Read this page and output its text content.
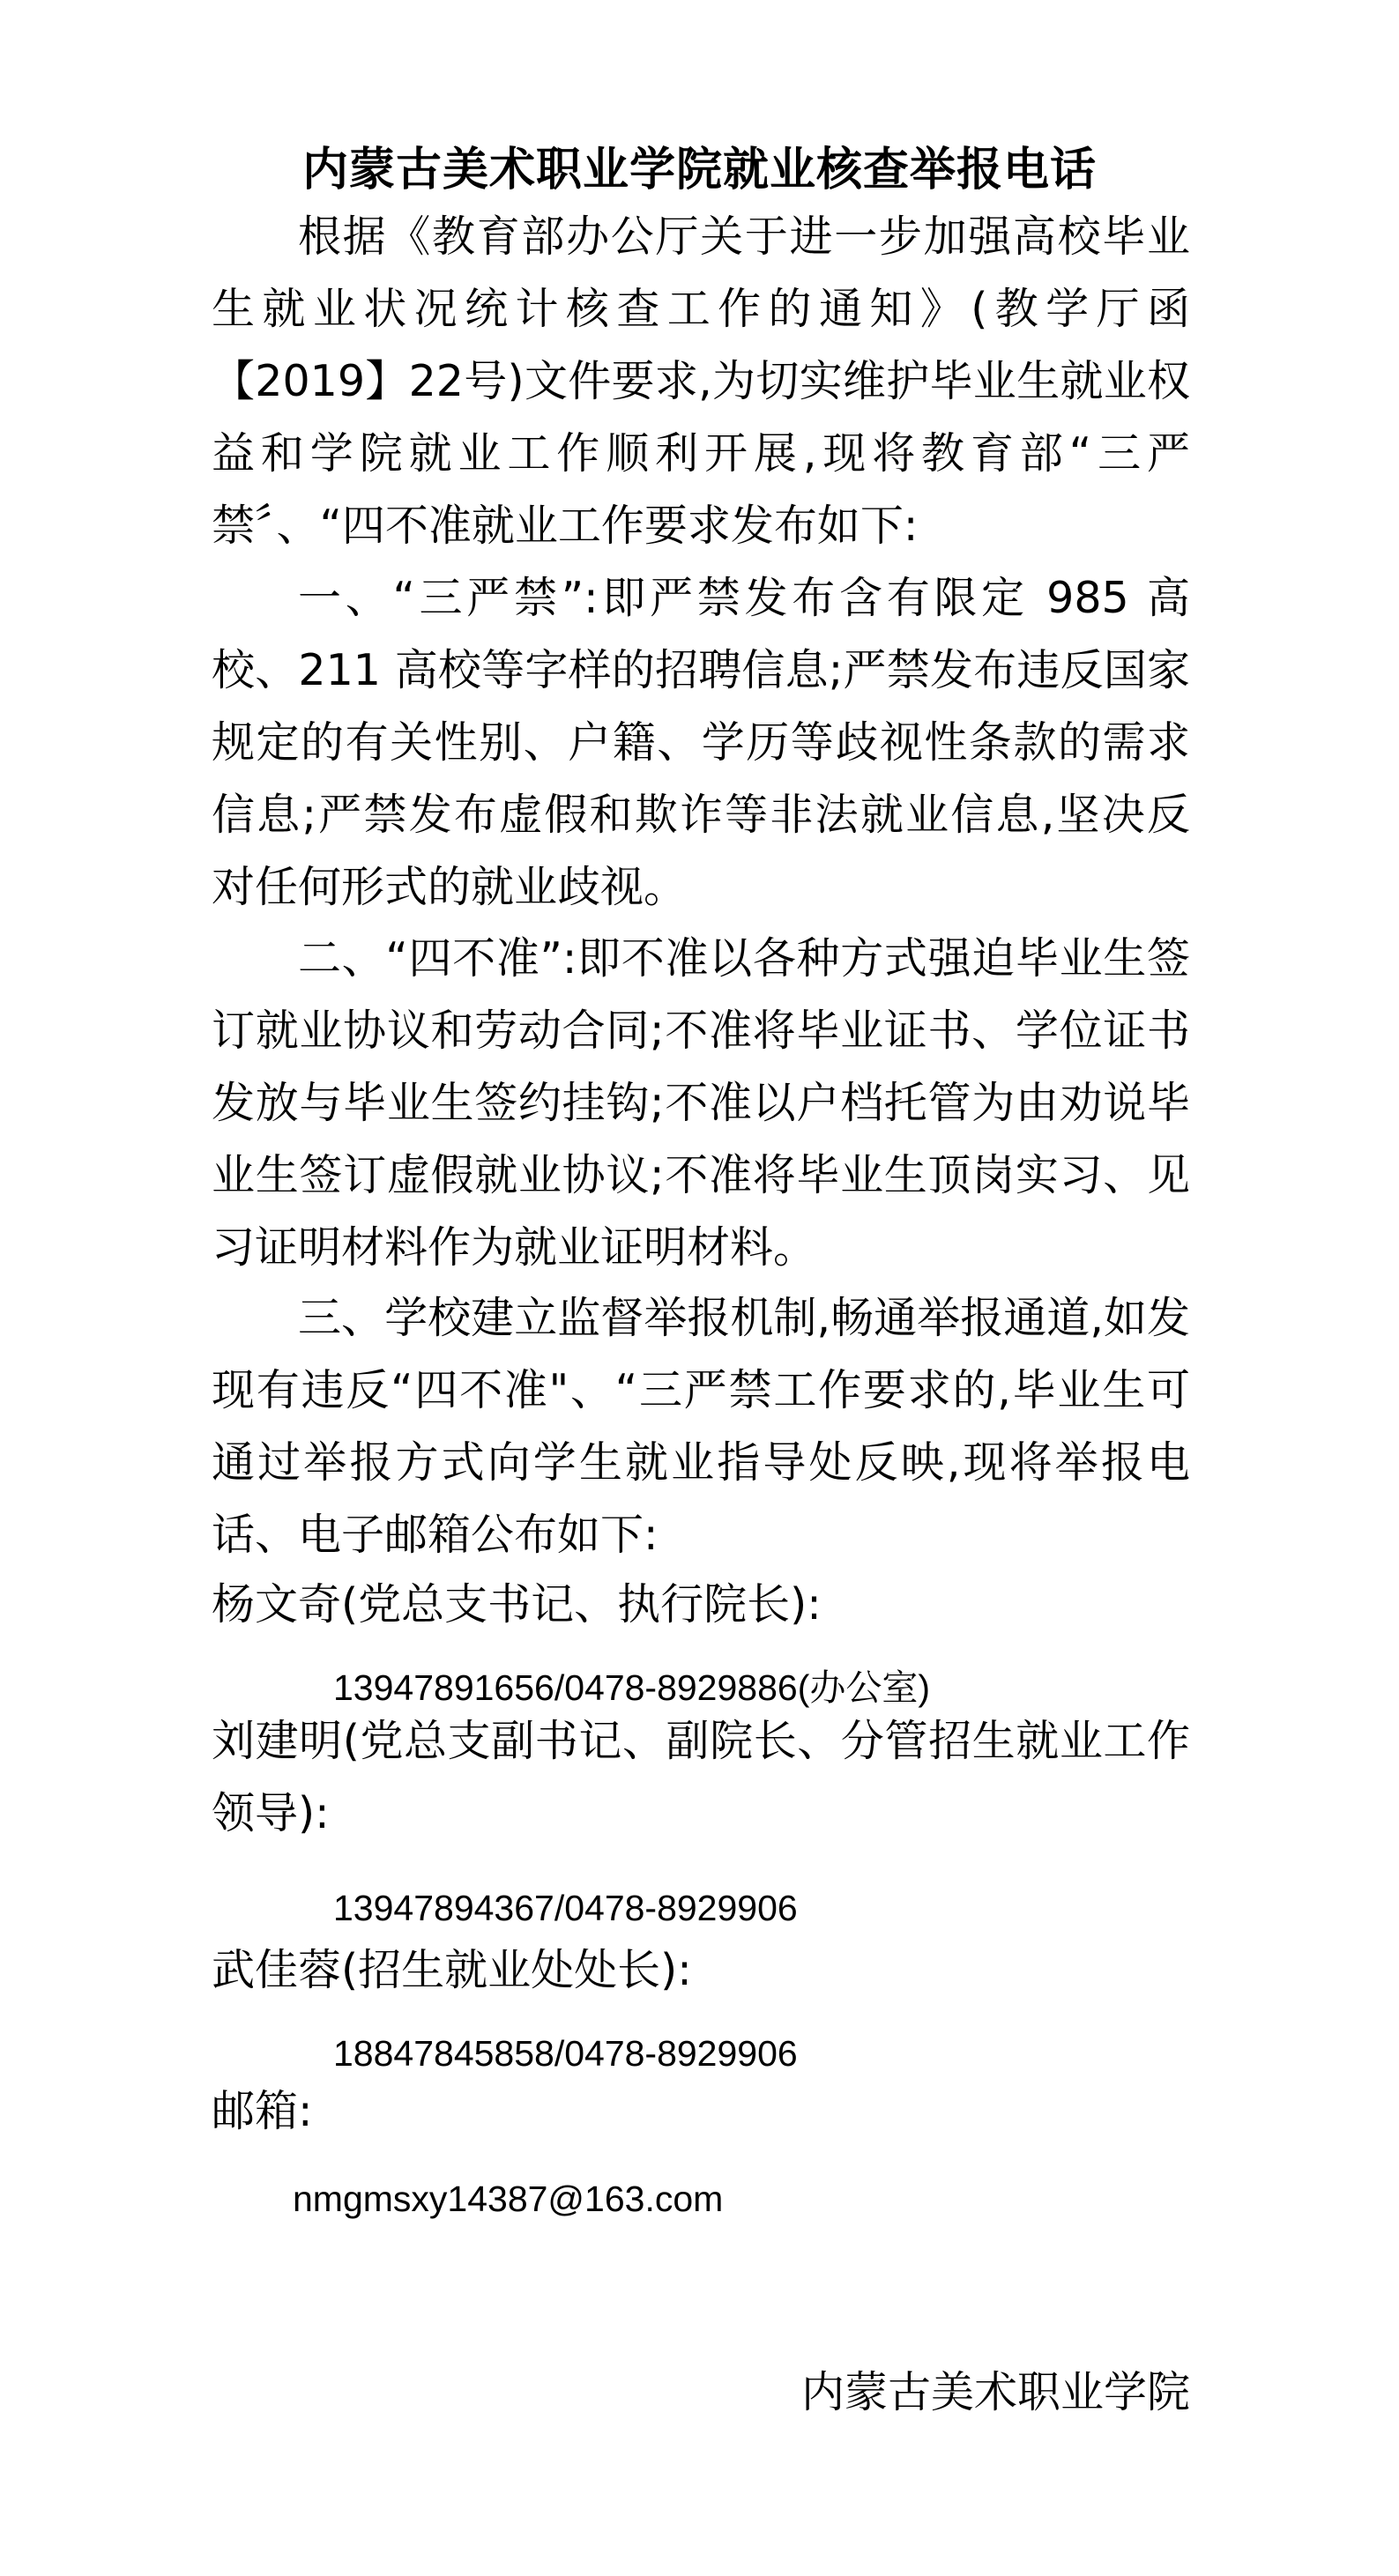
内蒙古美术职业学院就业核查举报电话

根据《教育部办公厅关于进一步加强高校毕业生就业状况统计核查工作的通知》(教学厅函【2019】22号)文件要求,为切实维护毕业生就业权益和学院就业工作顺利开展,现将教育部“三严禁〞、“四不准就业工作要求发布如下:

一、“三严禁”:即严禁发布含有限定 985 高校、211 高校等字样的招聘信息;严禁发布违反国家规定的有关性别、户籍、学历等歧视性条款的需求信息;严禁发布虚假和欺诈等非法就业信息,坚决反对任何形式的就业歧视。

二、“四不准”:即不准以各种方式强迫毕业生签订就业协议和劳动合同;不准将毕业证书、学位证书发放与毕业生签约挂钩;不准以户档托管为由劝说毕业生签订虚假就业协议;不准将毕业生顶岗实习、见习证明材料作为就业证明材料。

三、学校建立监督举报机制,畅通举报通道,如发现有违反“四不准"、“三严禁工作要求的,毕业生可通过举报方式向学生就业指导处反映,现将举报电话、电子邮箱公布如下:

杨文奇(党总支书记、执行院长):
13947891656/0478-8929886(办公室)

刘建明(党总支副书记、副院长、分管招生就业工作领导):

13947894367/0478-8929906
武佳蓉(招生就业处处长):
18847845858/0478-8929906
邮箱:
nmgmsxy14387@163.com
内蒙古美术职业学院
